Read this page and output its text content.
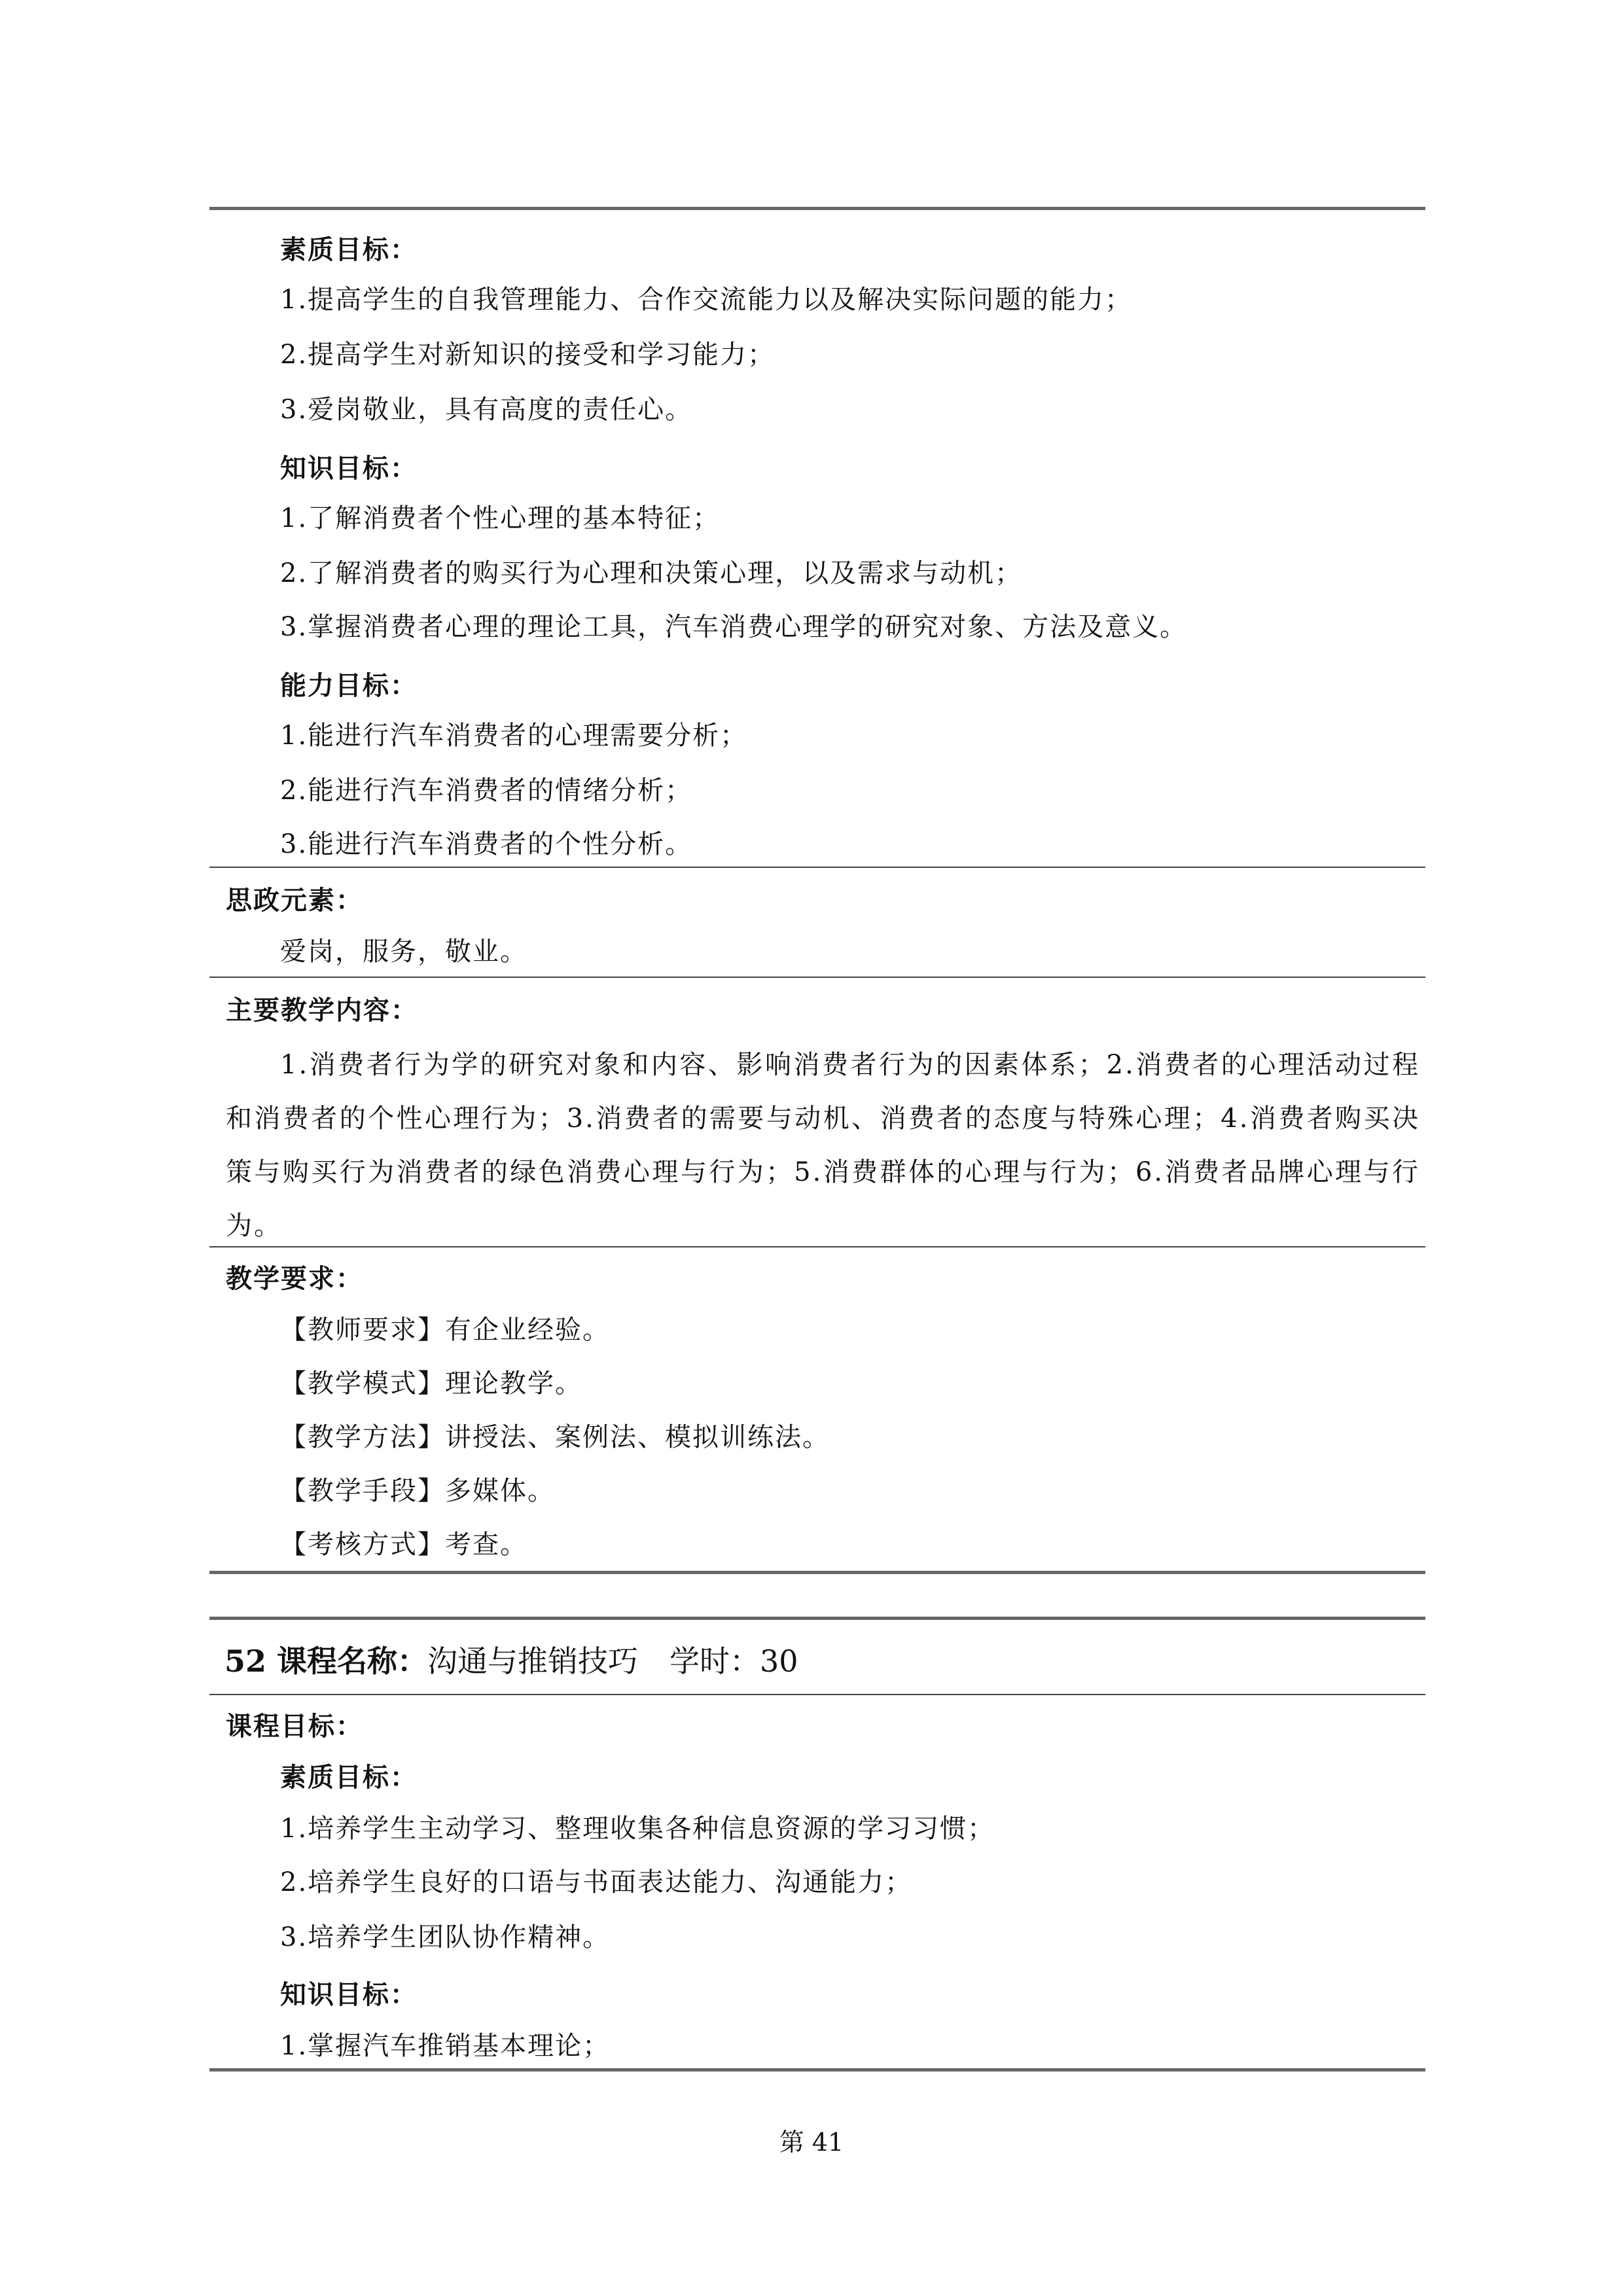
素质目标：
1.提高学生的自我管理能力、合作交流能力以及解决实际问题的能力；
2.提高学生对新知识的接受和学习能力；
3.爱岗敬业，具有高度的责任心。
知识目标：
1.了解消费者个性心理的基本特征；
2.了解消费者的购买行为心理和决策心理，以及需求与动机；
3.掌握消费者心理的理论工具，汽车消费心理学的研究对象、方法及意义。
能力目标：
1.能进行汽车消费者的心理需要分析；
2.能进行汽车消费者的情绪分析；
3.能进行汽车消费者的个性分析。
思政元素：
爱岗，服务，敬业。
主要教学内容：
1.消费者行为学的研究对象和内容、影响消费者行为的因素体系；2.消费者的心理活动过程和消费者的个性心理行为；3.消费者的需要与动机、消费者的态度与特殊心理；4.消费者购买决策与购买行为消费者的绿色消费心理与行为；5.消费群体的心理与行为；6.消费者品牌心理与行为。
教学要求：
【教师要求】有企业经验。
【教学模式】理论教学。
【教学方法】讲授法、案例法、模拟训练法。
【教学手段】多媒体。
【考核方式】考查。
52 课程名称：沟通与推销技巧 学时：30
课程目标：
素质目标：
1.培养学生主动学习、整理收集各种信息资源的学习习惯；
2.培养学生良好的口语与书面表达能力、沟通能力；
3.培养学生团队协作精神。
知识目标：
1.掌握汽车推销基本理论；
第 41
